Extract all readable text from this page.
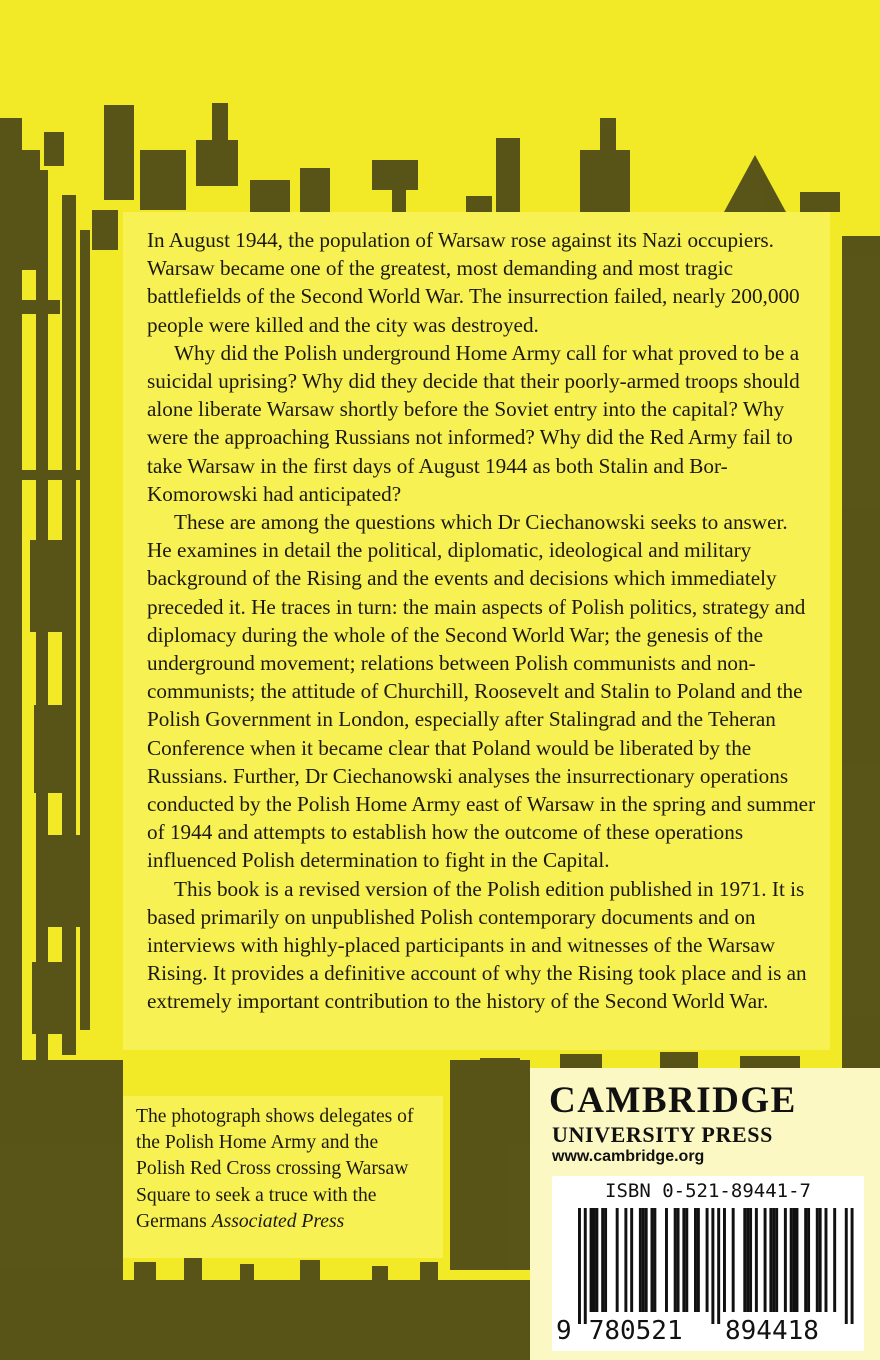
In August 1944, the population of Warsaw rose against its Nazi occupiers. Warsaw became one of the greatest, most demanding and most tragic battlefields of the Second World War. The insurrection failed, nearly 200,000 people were killed and the city was destroyed.

Why did the Polish underground Home Army call for what proved to be a suicidal uprising? Why did they decide that their poorly-armed troops should alone liberate Warsaw shortly before the Soviet entry into the capital? Why were the approaching Russians not informed? Why did the Red Army fail to take Warsaw in the first days of August 1944 as both Stalin and Bor-Komorowski had anticipated?

These are among the questions which Dr Ciechanowski seeks to answer. He examines in detail the political, diplomatic, ideological and military background of the Rising and the events and decisions which immediately preceded it. He traces in turn: the main aspects of Polish politics, strategy and diplomacy during the whole of the Second World War; the genesis of the underground movement; relations between Polish communists and non-communists; the attitude of Churchill, Roosevelt and Stalin to Poland and the Polish Government in London, especially after Stalingrad and the Teheran Conference when it became clear that Poland would be liberated by the Russians. Further, Dr Ciechanowski analyses the insurrectionary operations conducted by the Polish Home Army east of Warsaw in the spring and summer of 1944 and attempts to establish how the outcome of these operations influenced Polish determination to fight in the Capital.

This book is a revised version of the Polish edition published in 1971. It is based primarily on unpublished Polish contemporary documents and on interviews with highly-placed participants in and witnesses of the Warsaw Rising. It provides a definitive account of why the Rising took place and is an extremely important contribution to the history of the Second World War.

The photograph shows delegates of the Polish Home Army and the Polish Red Cross crossing Warsaw Square to seek a truce with the Germans Associated Press

CAMBRIDGE
UNIVERSITY PRESS
www.cambridge.org
ISBN 0-521-89441-7
9 780521 894418
